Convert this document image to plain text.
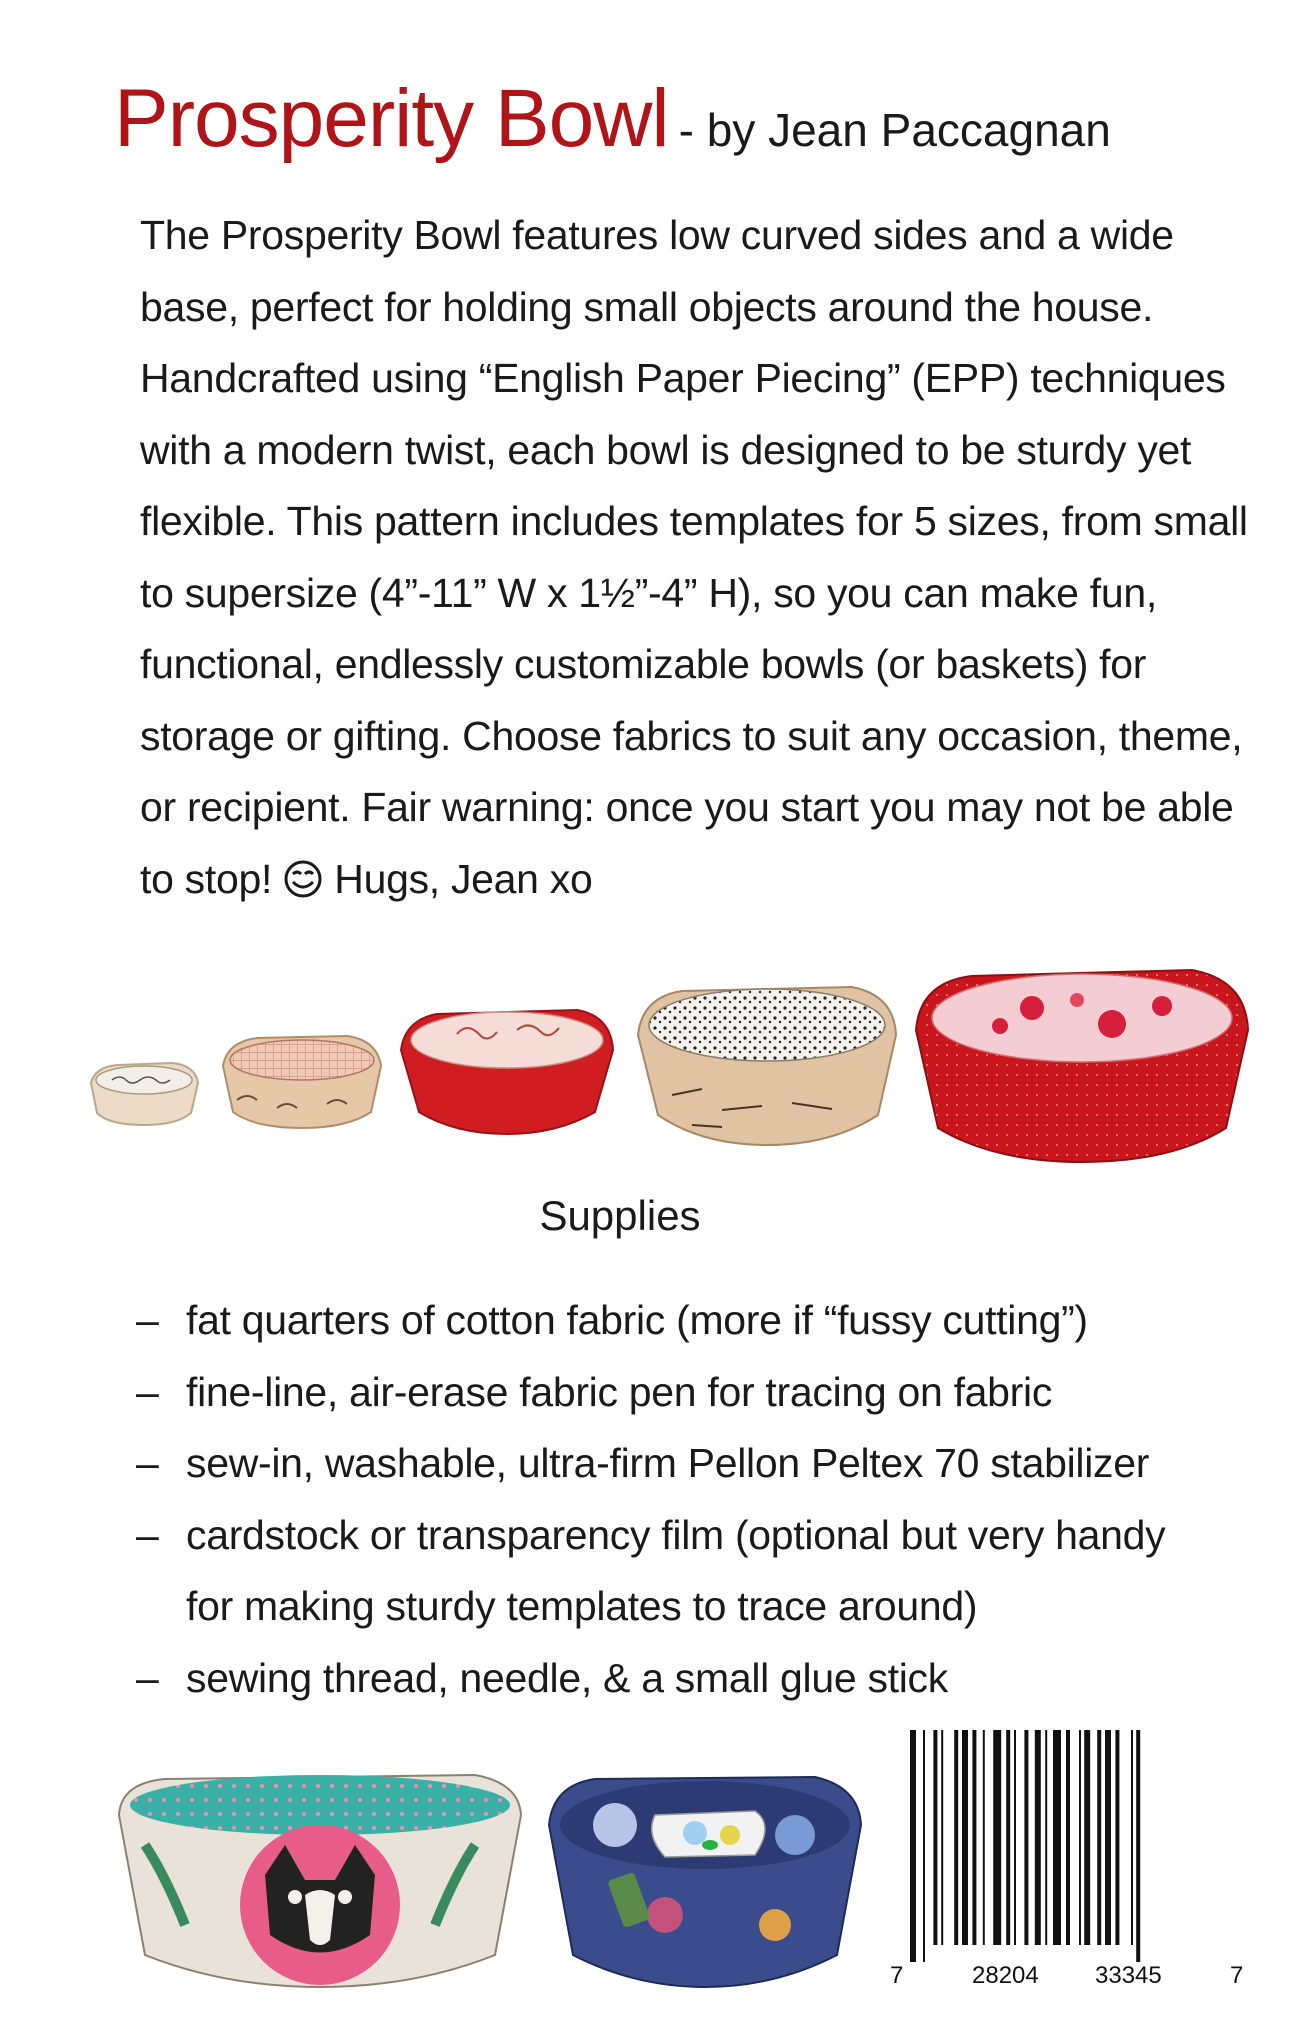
Prosperity Bowl - by Jean Paccagnan
The Prosperity Bowl features low curved sides and a wide base, perfect for holding small objects around the house. Handcrafted using “English Paper Piecing” (EPP) techniques with a modern twist, each bowl is designed to be sturdy yet flexible. This pattern includes templates for 5 sizes, from small to supersize (4”-11” W x 1½”-4” H), so you can make fun, functional, endlessly customizable bowls (or baskets) for storage or gifting. Choose fabrics to suit any occasion, theme, or recipient. Fair warning: once you start you may not be able to stop! Hugs, Jean xo
Supplies
– fat quarters of cotton fabric (more if “fussy cutting”)
– fine-line, air-erase fabric pen for tracing on fabric
– sew-in, washable, ultra-firm Pellon Peltex 70 stabilizer
– cardstock or transparency film (optional but very handy for making sturdy templates to trace around)
– sewing thread, needle, & a small glue stick
7	28204 33345	7
